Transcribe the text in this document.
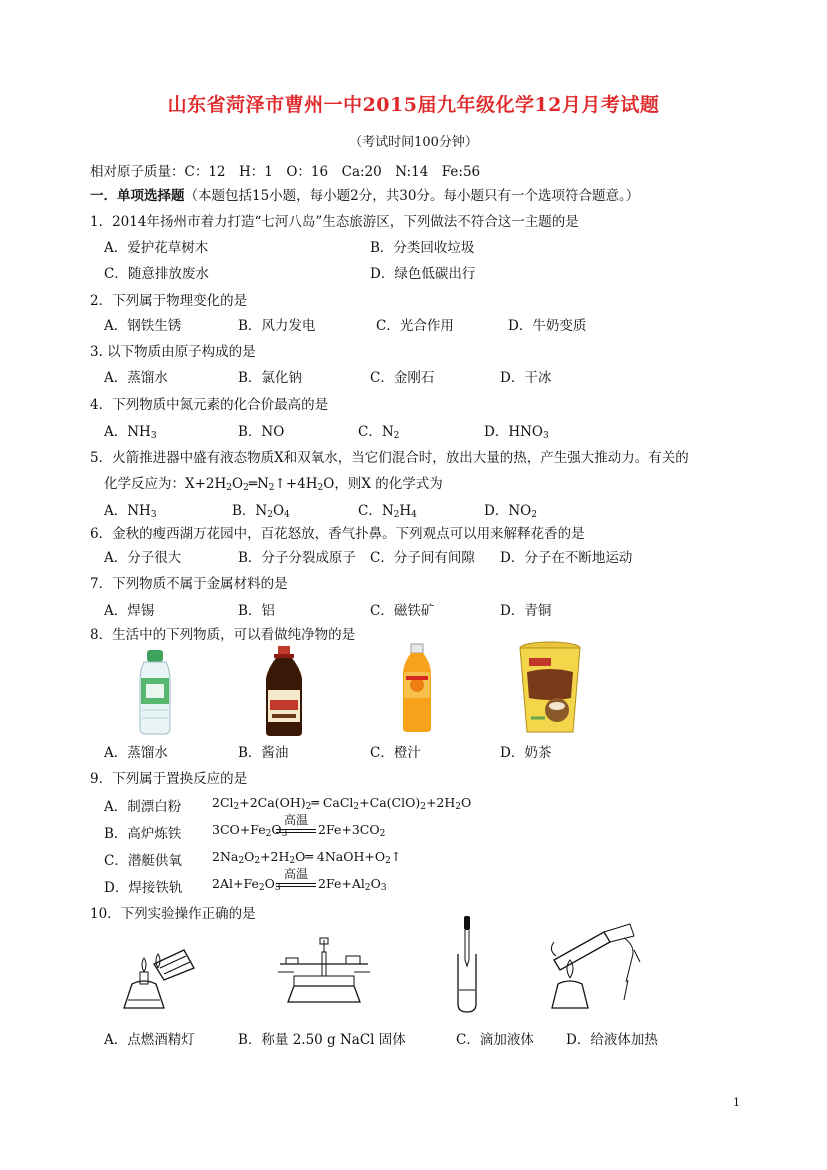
山东省菏泽市曹州一中2015届九年级化学12月月考试题
（考试时间100分钟）
相对原子质量：C：12　H：1　O：16　Ca:20　N:14　Fe:56
一．单项选择题（本题包括15小题，每小题2分，共30分。每小题只有一个选项符合题意。）
1．2014年扬州市着力打造“七河八岛”生态旅游区，下列做法不符合这一主题的是
A．爱护花草树木	B．分类回收垃圾
C．随意排放废水	D．绿色低碳出行
2．下列属于物理变化的是
A．钢铁生锈	B．风力发电	C．光合作用	D．牛奶变质
3. 以下物质由原子构成的是
A．蒸馏水	B．氯化钠	C．金刚石	D．干冰
4．下列物质中氮元素的化合价最高的是
A．$NH_3$	B．NO	C．$N_2$	D．$HNO_3$
5．火箭推进器中盛有液态物质X和双氧水，当它们混合时，放出大量的热，产生强大推动力。有关的
化学反应为：$X+2H_2O_2═N_2↑+4H_2O$，则X 的化学式为
A．$NH_3$	B．$N_2O_4$	C．$N_2H_4$	D．$NO_2$
6．金秋的瘦西湖万花园中，百花怒放，香气扑鼻。下列观点可以用来解释花香的是
A．分子很大	B．分子分裂成原子 C．分子间有间隙 D．分子在不断地运动
7．下列物质不属于金属材料的是
A．焊锡	B．铝	C．磁铁矿	D．青铜
8．生活中的下列物质，可以看做纯净物的是
A．蒸馏水	B．酱油	C．橙汁	D．奶茶
9．下列属于置换反应的是
A．制漂白粉 $2Cl_2+2Ca(OH)_2═$ $CaCl_2+Ca(ClO)_2+2H_2O$
B．高炉炼铁 $3CO+Fe_2O_3$
高温
$2Fe+3CO_2$
C．潜艇供氧 $2Na_2O_2+2H_2O═$ $4NaOH+O_2↑$
D．焊接铁轨 $2Al+Fe_2O_3$
高温
$2Fe+Al_2O_3$
10．下列实验操作正确的是
A．点燃酒精灯	B．称量 2.50 g NaCl 固体	C．滴加液体 D．给液体加热
1
